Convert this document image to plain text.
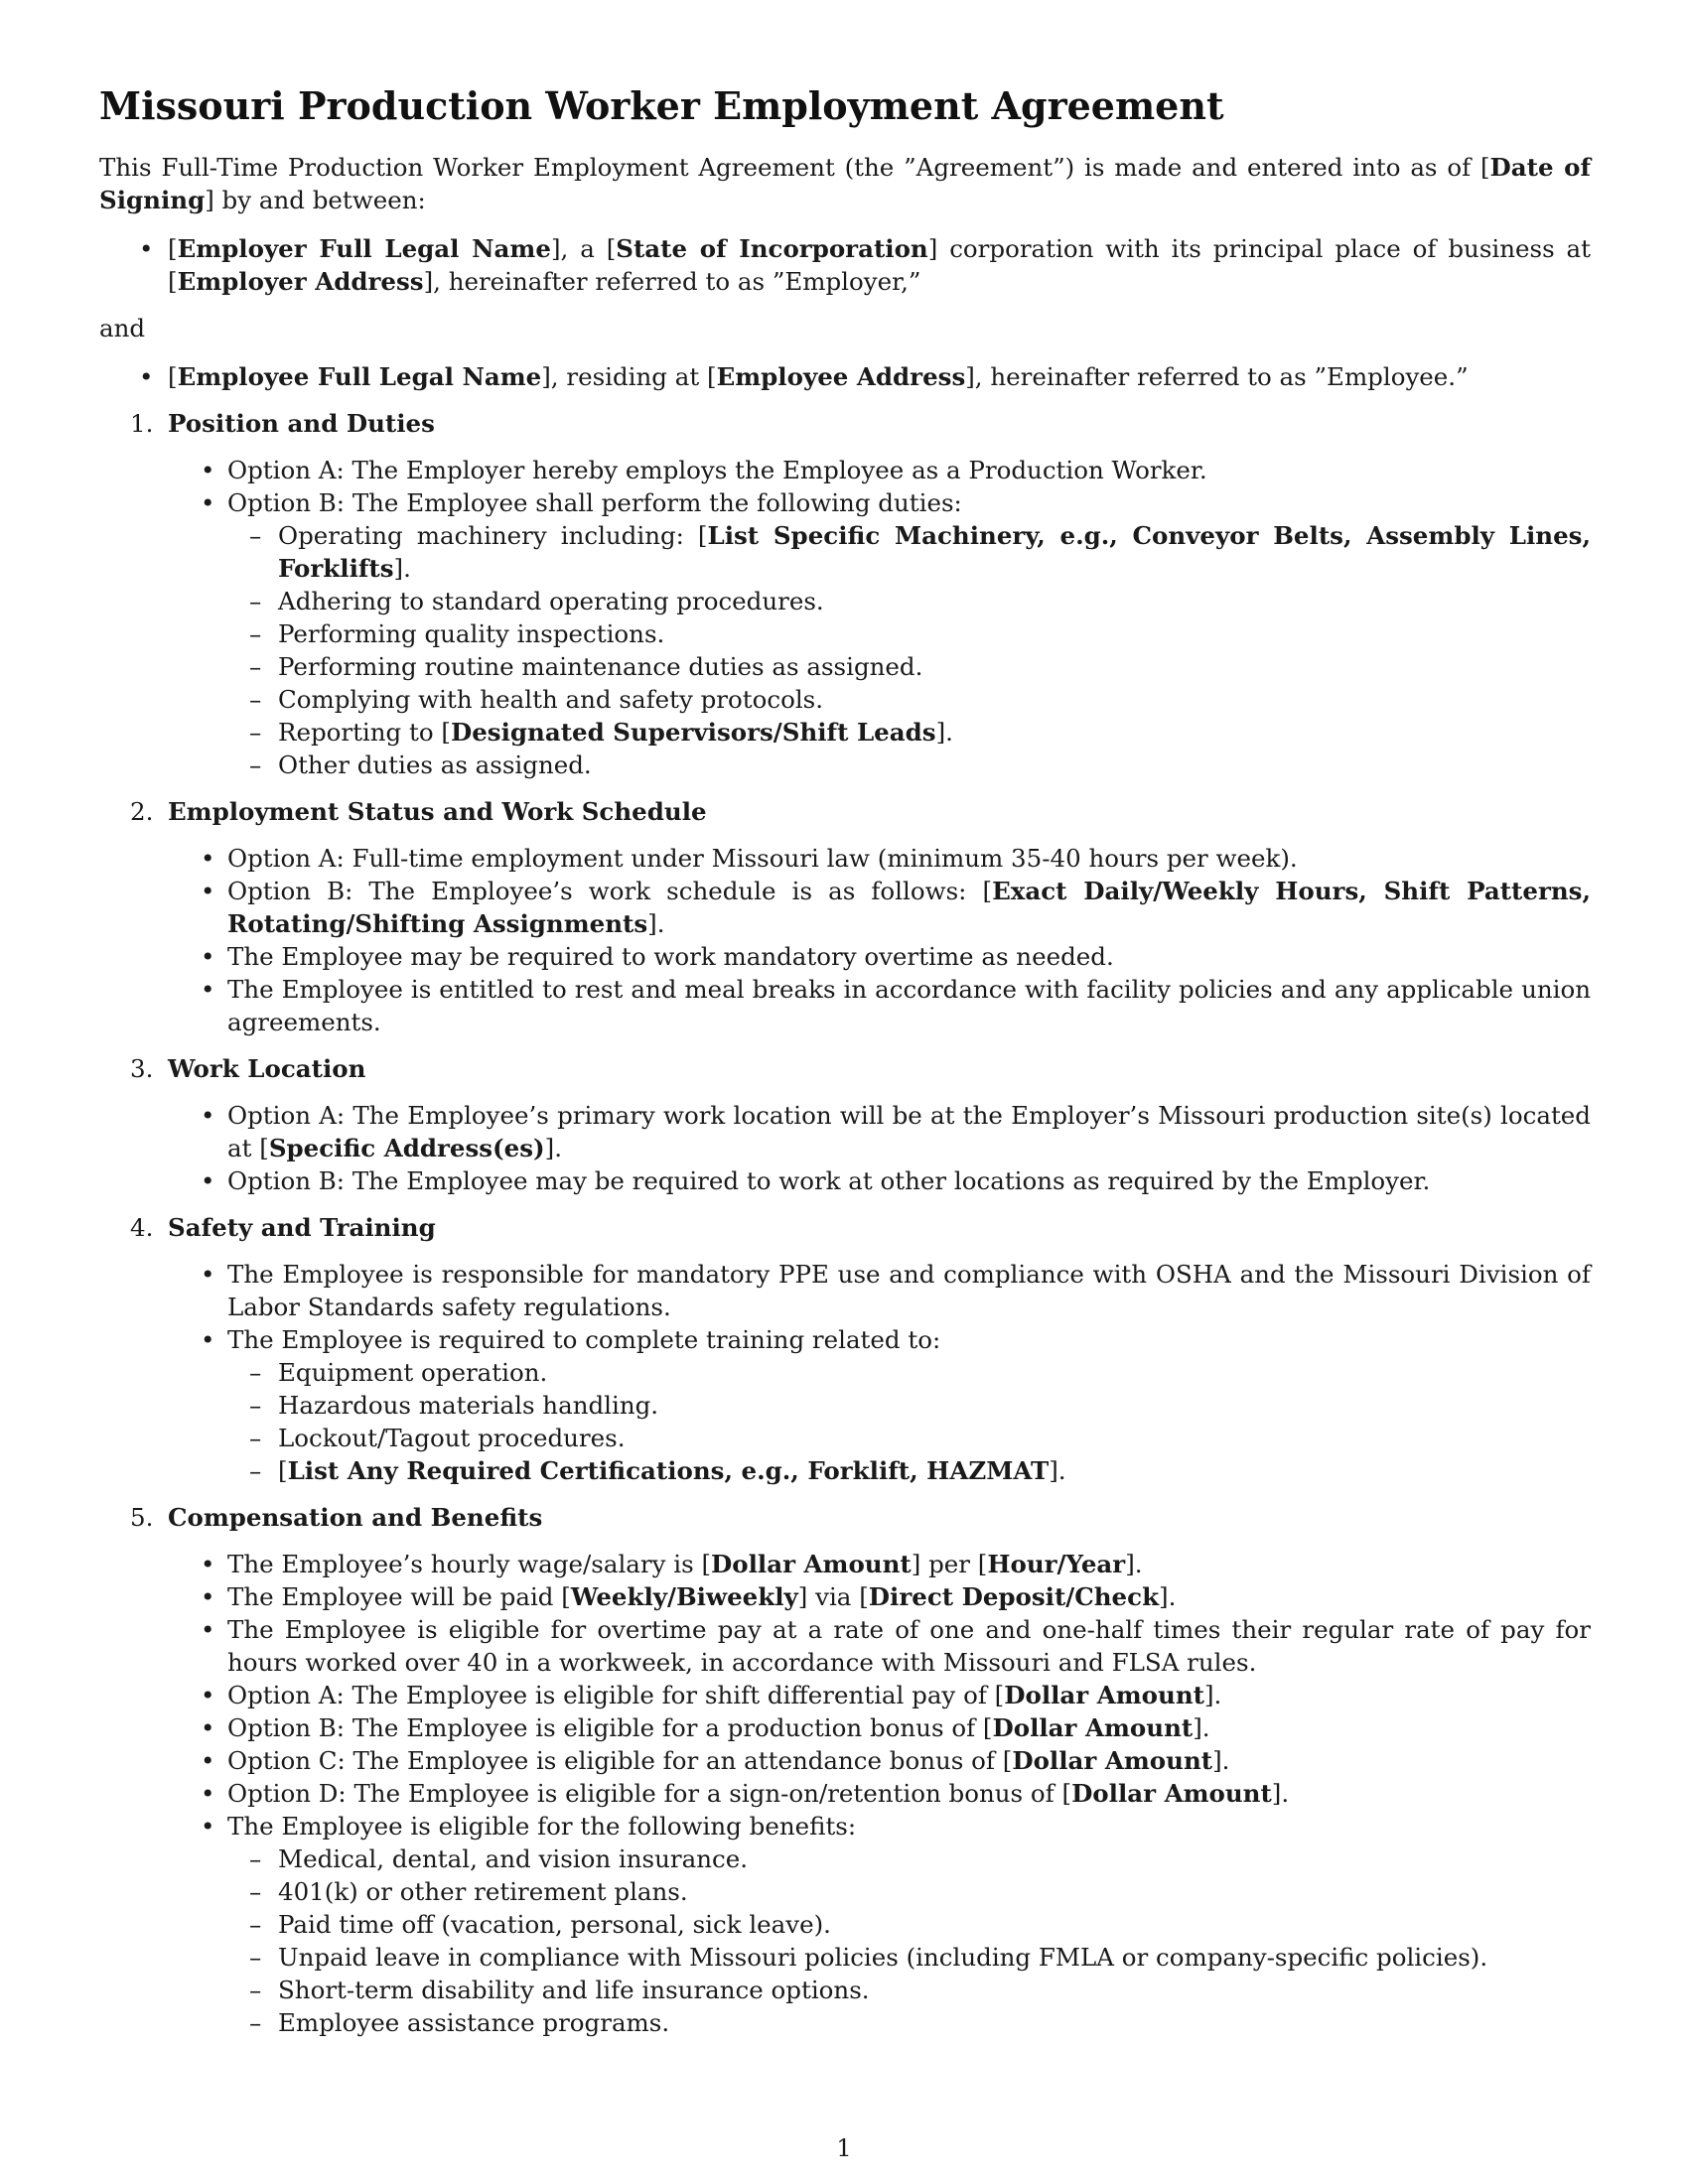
Missouri Production Worker Employment Agreement

This Full-Time Production Worker Employment Agreement (the ”Agreement”) is made and entered into as of [Date of Signing] by and between:

• [Employer Full Legal Name], a [State of Incorporation] corporation with its principal place of business at [Employer Address], hereinafter referred to as ”Employer,”

and

• [Employee Full Legal Name], residing at [Employee Address], hereinafter referred to as ”Employee.”
1. Position and Duties
• Option A: The Employer hereby employs the Employee as a Production Worker.
• Option B: The Employee shall perform the following duties:
– Operating machinery including: [List Specific Machinery, e.g., Conveyor Belts, Assembly Lines, Forklifts].
– Adhering to standard operating procedures.
– Performing quality inspections.
– Performing routine maintenance duties as assigned.
– Complying with health and safety protocols.
– Reporting to [Designated Supervisors/Shift Leads].
– Other duties as assigned.
2. Employment Status and Work Schedule
• Option A: Full-time employment under Missouri law (minimum 35-40 hours per week).
• Option B: The Employee’s work schedule is as follows: [Exact Daily/Weekly Hours, Shift Patterns, Rotating/Shifting Assignments].
• The Employee may be required to work mandatory overtime as needed.
• The Employee is entitled to rest and meal breaks in accordance with facility policies and any applicable union agreements.
3. Work Location
• Option A: The Employee’s primary work location will be at the Employer’s Missouri production site(s) located at [Specific Address(es)].
• Option B: The Employee may be required to work at other locations as required by the Employer.
4. Safety and Training
• The Employee is responsible for mandatory PPE use and compliance with OSHA and the Missouri Division of Labor Standards safety regulations.
• The Employee is required to complete training related to:
– Equipment operation.
– Hazardous materials handling.
– Lockout/Tagout procedures.
– [List Any Required Certifications, e.g., Forklift, HAZMAT].
5. Compensation and Benefits
• The Employee’s hourly wage/salary is [Dollar Amount] per [Hour/Year].
• The Employee will be paid [Weekly/Biweekly] via [Direct Deposit/Check].
• The Employee is eligible for overtime pay at a rate of one and one-half times their regular rate of pay for hours worked over 40 in a workweek, in accordance with Missouri and FLSA rules.
• Option A: The Employee is eligible for shift differential pay of [Dollar Amount].
• Option B: The Employee is eligible for a production bonus of [Dollar Amount].
• Option C: The Employee is eligible for an attendance bonus of [Dollar Amount].
• Option D: The Employee is eligible for a sign-on/retention bonus of [Dollar Amount].
• The Employee is eligible for the following benefits:
– Medical, dental, and vision insurance.
– 401(k) or other retirement plans.
– Paid time off (vacation, personal, sick leave).
– Unpaid leave in compliance with Missouri policies (including FMLA or company-specific policies).
– Short-term disability and life insurance options.
– Employee assistance programs.
1
